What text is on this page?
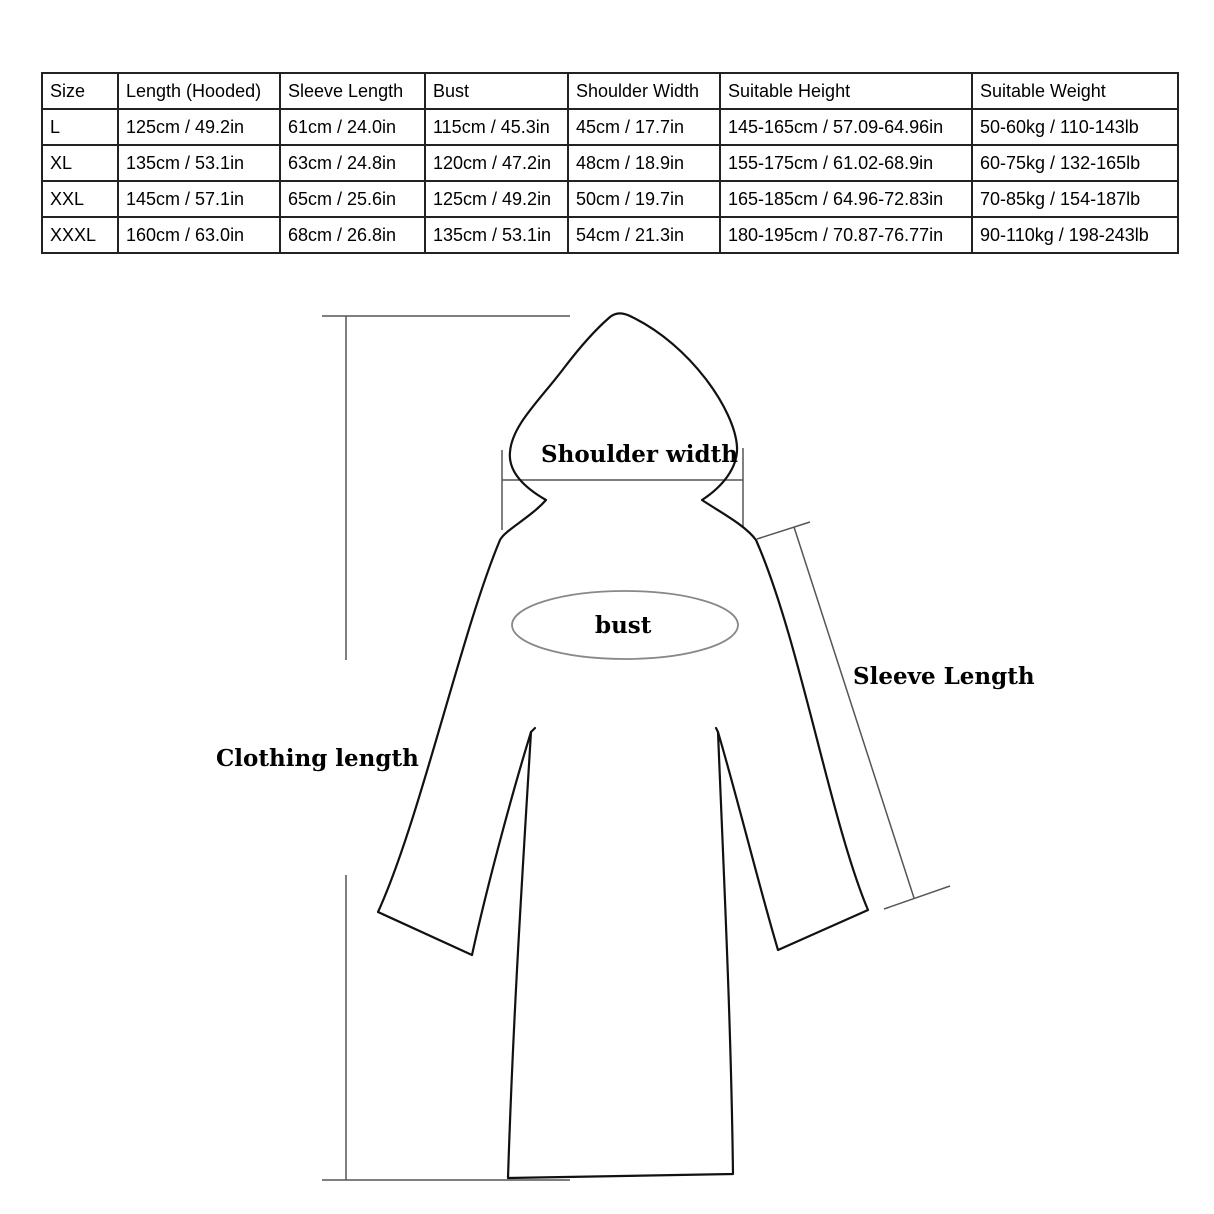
Size	Length (Hooded)	Sleeve Length	Bust	Shoulder Width	Suitable Height	Suitable Weight
L	125cm / 49.2in	61cm / 24.0in	115cm / 45.3in	45cm / 17.7in	145-165cm / 57.09-64.96in	50-60kg / 110-143lb
XL	135cm / 53.1in	63cm / 24.8in	120cm / 47.2in	48cm / 18.9in	155-175cm / 61.02-68.9in	60-75kg / 132-165lb
XXL	145cm / 57.1in	65cm / 25.6in	125cm / 49.2in	50cm / 19.7in	165-185cm / 64.96-72.83in	70-85kg / 154-187lb
XXXL	160cm / 63.0in	68cm / 26.8in	135cm / 53.1in	54cm / 21.3in	180-195cm / 70.87-76.77in	90-110kg / 198-243lb
Shoulder width
bust
Sleeve Length
Clothing length
